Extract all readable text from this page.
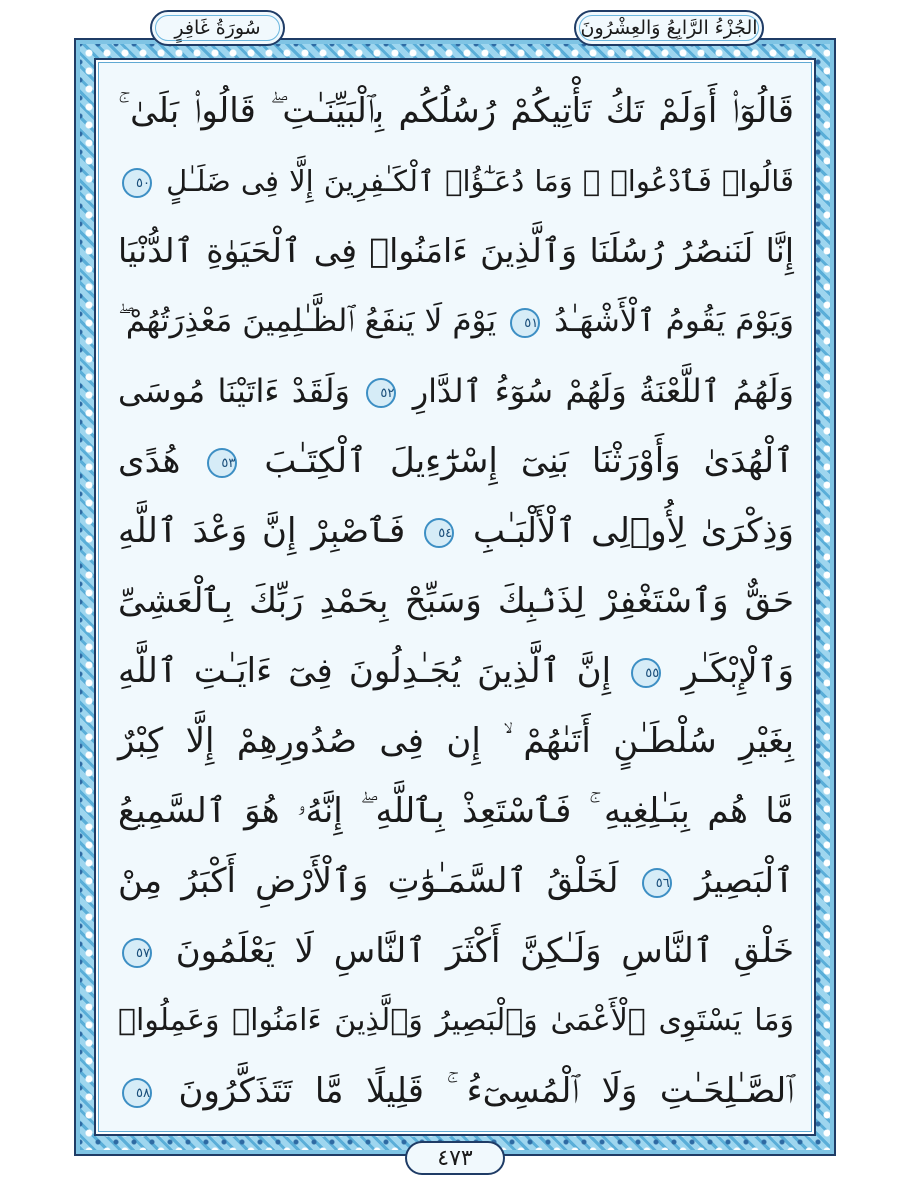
الجُزْءُ الرَّابِعُ وَالعِشْرُونَ
سُورَةُ غَافِرٍ
قَالُوٓا۟ أَوَلَمْ تَكُ تَأْتِيكُمْ رُسُلُكُم بِٱلْبَيِّنَـٰتِ ۖ قَالُوا۟ بَلَىٰ ۚ
قَالُوا۟ فَٱدْعُوا۟ ۗ وَمَا دُعَـٰٓؤُا۟ ٱلْكَـٰفِرِينَ إِلَّا فِى ضَلَـٰلٍ ٥٠
إِنَّا لَنَنصُرُ رُسُلَنَا وَٱلَّذِينَ ءَامَنُوا۟ فِى ٱلْحَيَوٰةِ ٱلدُّنْيَا
وَيَوْمَ يَقُومُ ٱلْأَشْهَـٰدُ ٥١ يَوْمَ لَا يَنفَعُ ٱلظَّـٰلِمِينَ مَعْذِرَتُهُمْ ۖ
وَلَهُمُ ٱللَّعْنَةُ وَلَهُمْ سُوٓءُ ٱلدَّارِ ٥٢ وَلَقَدْ ءَاتَيْنَا مُوسَى
ٱلْهُدَىٰ وَأَوْرَثْنَا بَنِىٓ إِسْرَٰٓءِيلَ ٱلْكِتَـٰبَ ٥٣ هُدًى
وَذِكْرَىٰ لِأُو۟لِى ٱلْأَلْبَـٰبِ ٥٤ فَٱصْبِرْ إِنَّ وَعْدَ ٱللَّهِ
حَقٌّ وَٱسْتَغْفِرْ لِذَنۢبِكَ وَسَبِّحْ بِحَمْدِ رَبِّكَ بِٱلْعَشِىِّ
وَٱلْإِبْكَـٰرِ ٥٥ إِنَّ ٱلَّذِينَ يُجَـٰدِلُونَ فِىٓ ءَايَـٰتِ ٱللَّهِ
بِغَيْرِ سُلْطَـٰنٍ أَتَىٰهُمْ ۙ إِن فِى صُدُورِهِمْ إِلَّا كِبْرٌ
مَّا هُم بِبَـٰلِغِيهِ ۚ فَٱسْتَعِذْ بِٱللَّهِ ۖ إِنَّهُۥ هُوَ ٱلسَّمِيعُ
ٱلْبَصِيرُ ٥٦ لَخَلْقُ ٱلسَّمَـٰوَٰتِ وَٱلْأَرْضِ أَكْبَرُ مِنْ
خَلْقِ ٱلنَّاسِ وَلَـٰكِنَّ أَكْثَرَ ٱلنَّاسِ لَا يَعْلَمُونَ ٥٧
وَمَا يَسْتَوِى ٱلْأَعْمَىٰ وَٱلْبَصِيرُ وَٱلَّذِينَ ءَامَنُوا۟ وَعَمِلُوا۟
ٱلصَّـٰلِحَـٰتِ وَلَا ٱلْمُسِىٓءُ ۚ قَلِيلًا مَّا تَتَذَكَّرُونَ ٥٨
٤٧٣
